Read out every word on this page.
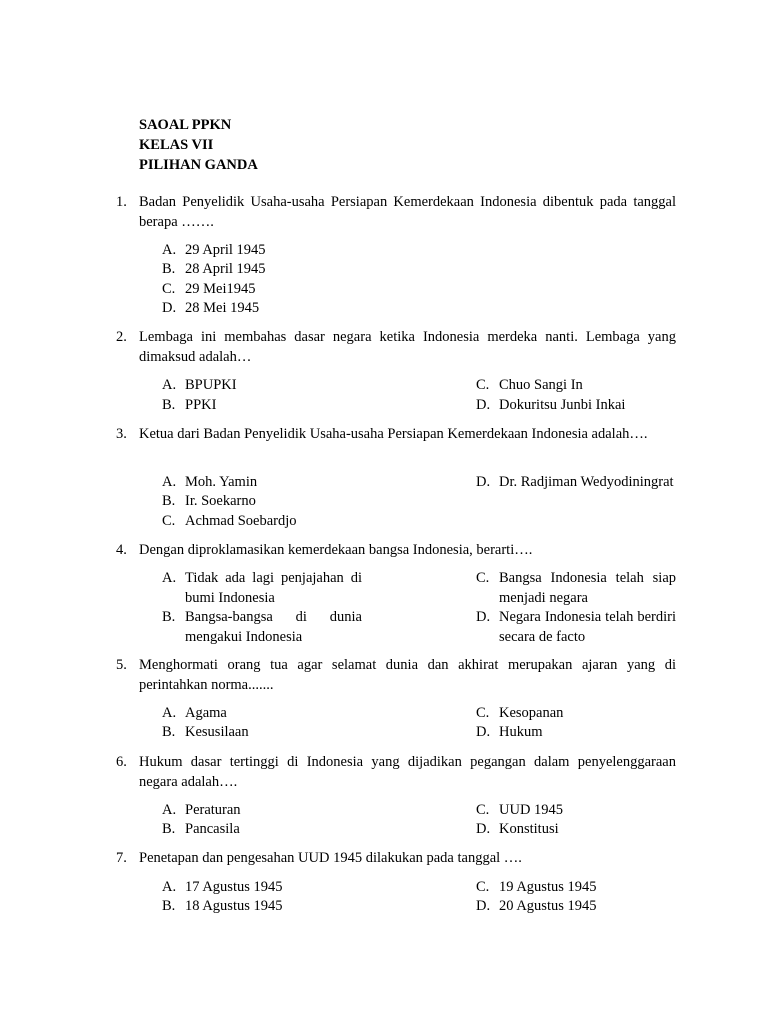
SAOAL PPKN
KELAS VII
PILIHAN GANDA
1. Badan Penyelidik Usaha-usaha Persiapan Kemerdekaan Indonesia dibentuk pada tanggal berapa …….
A. 29 April 1945
B. 28 April 1945
C. 29 Mei1945
D. 28 Mei 1945
2. Lembaga ini membahas dasar negara ketika Indonesia merdeka nanti. Lembaga yang dimaksud adalah…
A. BPUPKI
B. PPKI
C. Chuo Sangi In
D. Dokuritsu Junbi Inkai
3. Ketua dari Badan Penyelidik Usaha-usaha Persiapan Kemerdekaan Indonesia adalah….
A. Moh. Yamin
B. Ir. Soekarno
C. Achmad Soebardjo
D. Dr. Radjiman Wedyodiningrat
4. Dengan diproklamasikan kemerdekaan bangsa Indonesia, berarti….
A. Tidak ada lagi penjajahan di bumi Indonesia
B. Bangsa-bangsa di dunia mengakui Indonesia
C. Bangsa Indonesia telah siap menjadi negara
D. Negara Indonesia telah berdiri secara de facto
5. Menghormati orang tua agar selamat dunia dan akhirat merupakan ajaran yang di perintahkan norma.......
A. Agama
B. Kesusilaan
C. Kesopanan
D. Hukum
6. Hukum dasar tertinggi di Indonesia yang dijadikan pegangan dalam penyelenggaraan negara adalah….
A. Peraturan
B. Pancasila
C. UUD 1945
D. Konstitusi
7. Penetapan dan pengesahan UUD 1945 dilakukan pada tanggal ….
A. 17 Agustus 1945
B. 18 Agustus 1945
C. 19 Agustus 1945
D. 20 Agustus 1945
